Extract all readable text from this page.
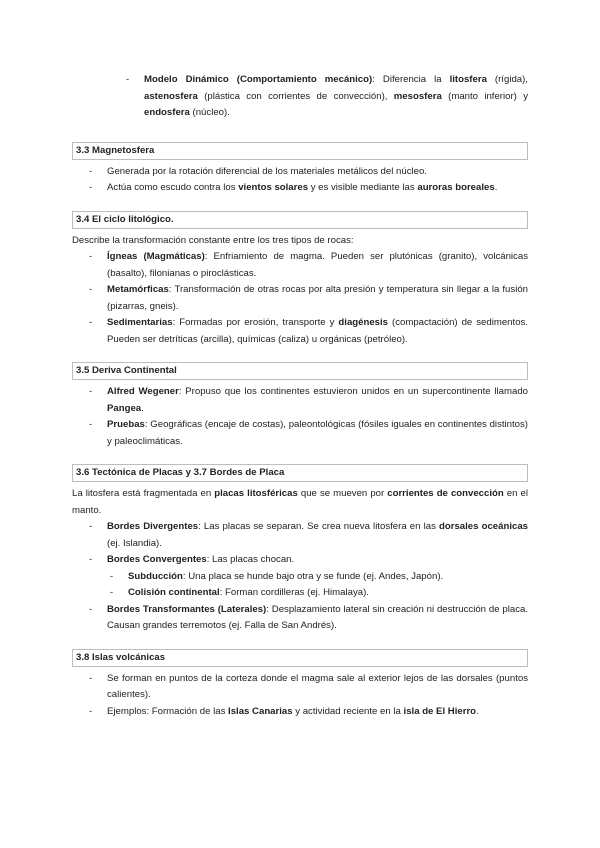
-	Modelo Dinámico (Comportamiento mecánico): Diferencia la litosfera (rígida), astenosfera (plástica con corrientes de convección), mesosfera (manto inferior) y endosfera (núcleo).
3.3 Magnetosfera
-	Generada por la rotación diferencial de los materiales metálicos del núcleo.
-	Actúa como escudo contra los vientos solares y es visible mediante las auroras boreales.
3.4 El ciclo litológico.

Describe la transformación constante entre los tres tipos de rocas:

-	Ígneas (Magmáticas): Enfriamiento de magma. Pueden ser plutónicas (granito), volcánicas (basalto), filonianas o piroclásticas.
-	Metamórficas: Transformación de otras rocas por alta presión y temperatura sin llegar a la fusión (pizarras, gneis).
-	Sedimentarias: Formadas por erosión, transporte y diagénesis (compactación) de sedimentos. Pueden ser detríticas (arcilla), químicas (caliza) u orgánicas (petróleo).
3.5 Deriva Continental
-	Alfred Wegener: Propuso que los continentes estuvieron unidos en un supercontinente llamado Pangea.
-	Pruebas: Geográficas (encaje de costas), paleontológicas (fósiles iguales en continentes distintos) y paleoclimáticas.
3.6 Tectónica de Placas y 3.7 Bordes de Placa

La litosfera está fragmentada en placas litosféricas que se mueven por corrientes de convección en el manto.

-	Bordes Divergentes: Las placas se separan. Se crea nueva litosfera en las dorsales oceánicas (ej. Islandia).
-	Bordes Convergentes: Las placas chocan.
-	Subducción: Una placa se hunde bajo otra y se funde (ej. Andes, Japón).
-	Colisión continental: Forman cordilleras (ej. Himalaya).
-	Bordes Transformantes (Laterales): Desplazamiento lateral sin creación ni destrucción de placa. Causan grandes terremotos (ej. Falla de San Andrés).
3.8 Islas volcánicas
-	Se forman en puntos de la corteza donde el magma sale al exterior lejos de las dorsales (puntos calientes).
-	Ejemplos: Formación de las Islas Canarias y actividad reciente en la isla de El Hierro.
